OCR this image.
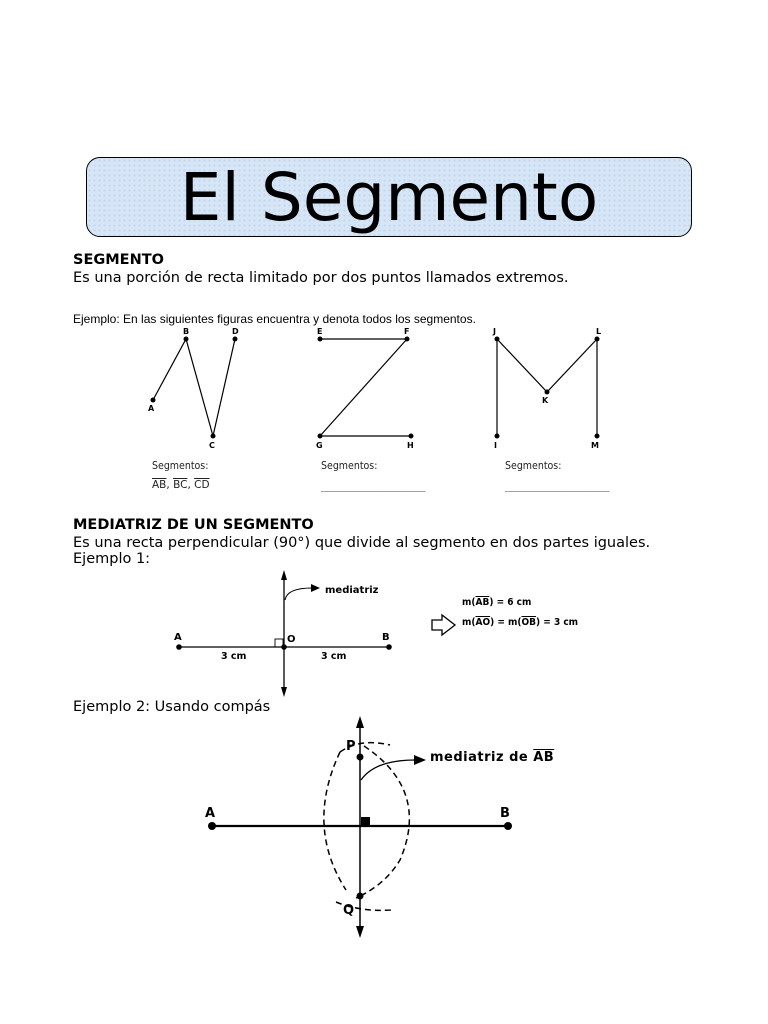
El Segmento

SEGMENTO

Es una porción de recta limitado por dos puntos llamados extremos.

Ejemplo: En las siguientes figuras encuentra y denota todos los segmentos.

A
B
C
D	E	F
G	H
J	L
K
I	M
mediatriz
A	O	B
3 cm	3 cm
P
Q
A	B
Segmentos:
$\overline{AB}$, $\overline{BC}$, $\overline{CD}$
Segmentos:
_________________
Segmentos:
_________________

MEDIATRIZ DE UN SEGMENTO

Es una recta perpendicular (90°) que divide al segmento en dos partes iguales.

Ejemplo 1:

$m(\overline{AB}) = 6$ cm
$m(\overline{AO}) = m(\overline{OB}) = 3$ cm

Ejemplo 2: Usando compás

mediatriz de $\overline{AB}$
